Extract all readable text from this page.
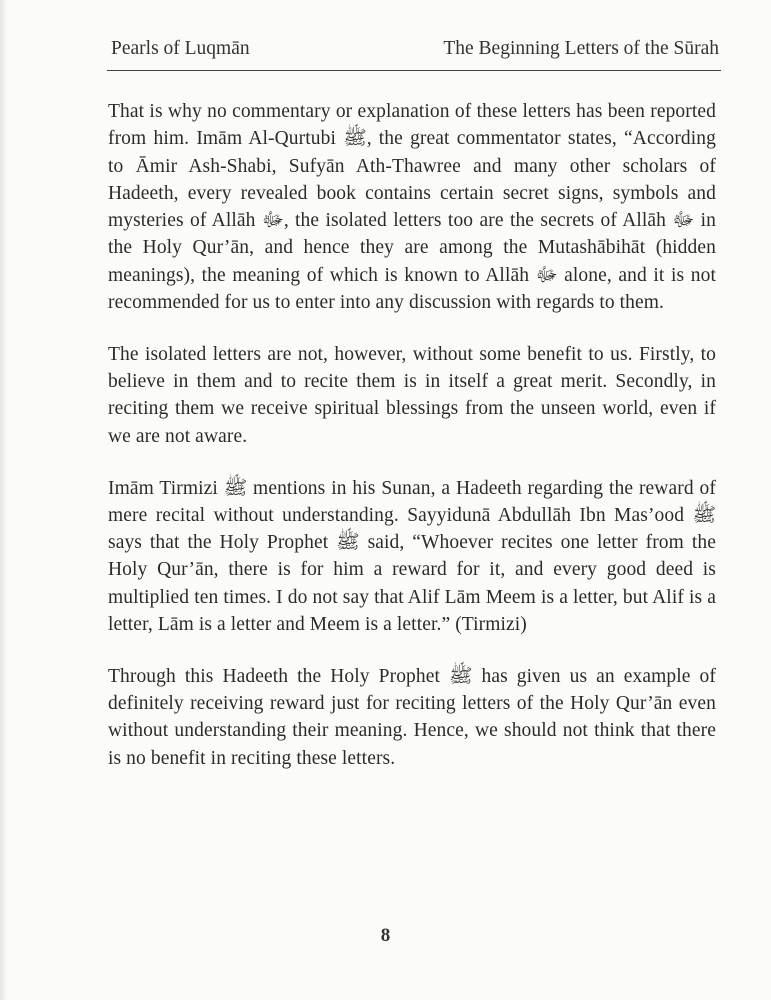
Pearls of Luqmān	The Beginning Letters of the Sūrah

That is why no commentary or explanation of these letters has been reported from him. Imām Al-Qurtubi ﷺ, the great commentator states, “According to Āmir Ash-Shabi, Sufyān Ath-Thawree and many other scholars of Hadeeth, every revealed book contains certain secret signs, symbols and mysteries of Allāh ﷻ, the isolated letters too are the secrets of Allāh ﷻ in the Holy Qur’ān, and hence they are among the Mutashābihāt (hidden meanings), the meaning of which is known to Allāh ﷻ alone, and it is not recommended for us to enter into any discussion with regards to them.

The isolated letters are not, however, without some benefit to us. Firstly, to believe in them and to recite them is in itself a great merit. Secondly, in reciting them we receive spiritual blessings from the unseen world, even if we are not aware.

Imām Tirmizi ﷺ mentions in his Sunan, a Hadeeth regarding the reward of mere recital without understanding. Sayyidunā Abdullāh Ibn Mas’ood ﷺ says that the Holy Prophet ﷺ said, “Whoever recites one letter from the Holy Qur’ān, there is for him a reward for it, and every good deed is multiplied ten times. I do not say that Alif Lām Meem is a letter, but Alif is a letter, Lām is a letter and Meem is a letter.” (Tirmizi)

Through this Hadeeth the Holy Prophet ﷺ has given us an example of definitely receiving reward just for reciting letters of the Holy Qur’ān even without understanding their meaning. Hence, we should not think that there is no benefit in reciting these letters.

8
